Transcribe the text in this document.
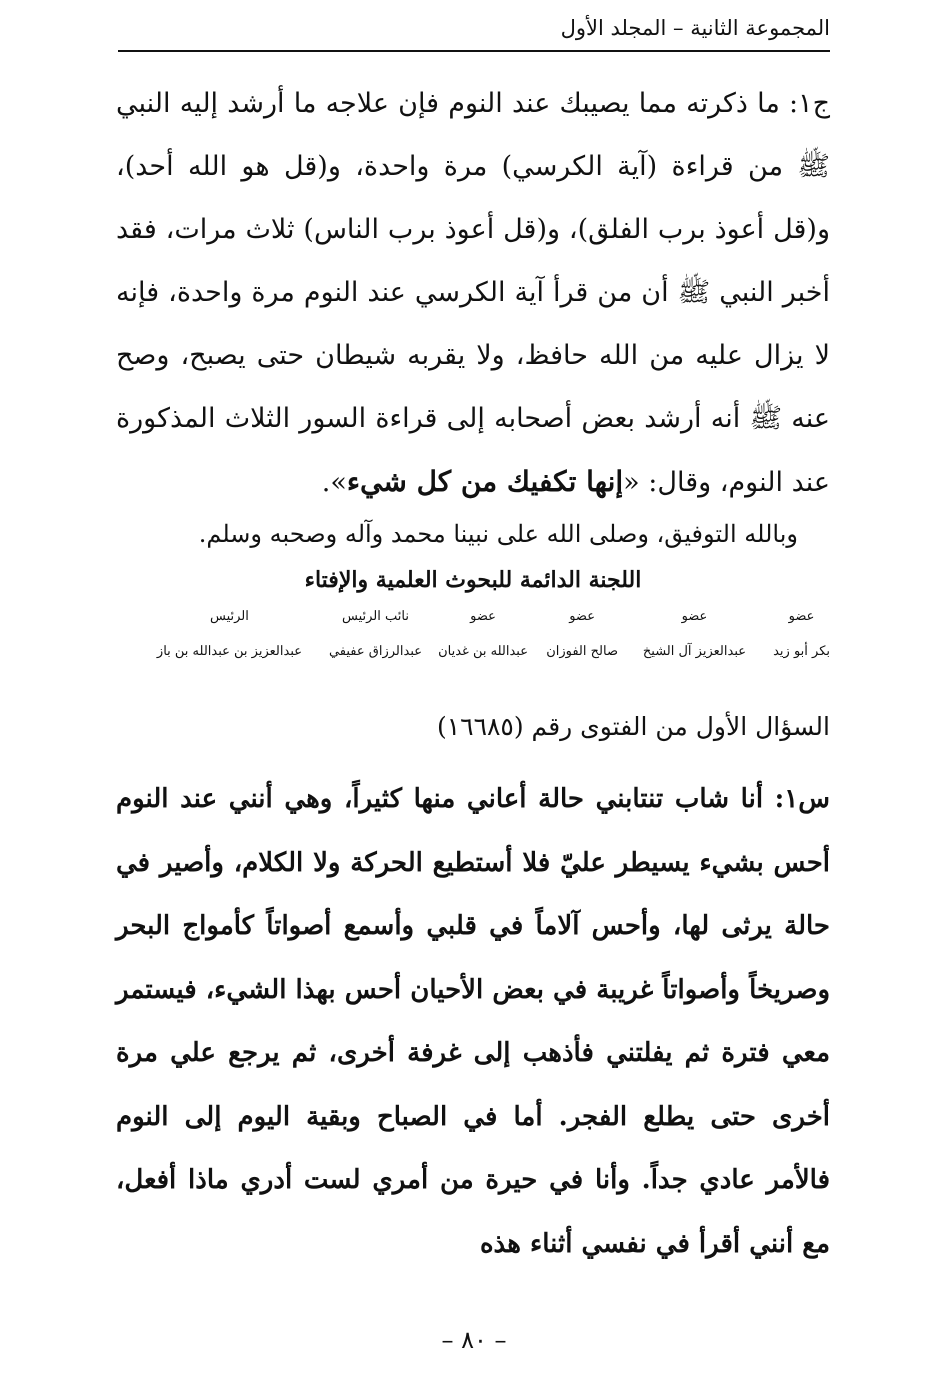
المجموعة الثانية – المجلد الأول

ج١: ما ذكرته مما يصيبك عند النوم فإن علاجه ما أرشد إليه النبي ﷺ من قراءة (آية الكرسي) مرة واحدة، و(قل هو الله أحد)، و(قل أعوذ برب الفلق)، و(قل أعوذ برب الناس) ثلاث مرات، فقد أخبر النبي ﷺ أن من قرأ آية الكرسي عند النوم مرة واحدة، فإنه لا يزال عليه من الله حافظ، ولا يقربه شيطان حتى يصبح، وصح عنه ﷺ أنه أرشد بعض أصحابه إلى قراءة السور الثلاث المذكورة عند النوم، وقال: «إنها تكفيك من كل شيء».

وبالله التوفيق، وصلى الله على نبينا محمد وآله وصحبه وسلم.

اللجنة الدائمة للبحوث العلمية والإفتاء

عضو
بكر أبو زيد
عضو
عبدالعزيز آل الشيخ
عضو
صالح الفوزان
عضو
عبدالله بن غديان
نائب الرئيس
عبدالرزاق عفيفي
الرئيس
عبدالعزيز بن عبدالله بن باز

السؤال الأول من الفتوى رقم (١٦٦٨٥)

س١: أنا شاب تنتابني حالة أعاني منها كثيراً، وهي أنني عند النوم أحس بشيء يسيطر عليّ فلا أستطيع الحركة ولا الكلام، وأصير في حالة يرثى لها، وأحس آلاماً في قلبي وأسمع أصواتاً كأمواج البحر وصريخاً وأصواتاً غريبة في بعض الأحيان أحس بهذا الشيء، فيستمر معي فترة ثم يفلتني فأذهب إلى غرفة أخرى، ثم يرجع علي مرة أخرى حتى يطلع الفجر. أما في الصباح وبقية اليوم إلى النوم فالأمر عادي جداً. وأنا في حيرة من أمري لست أدري ماذا أفعل، مع أنني أقرأ في نفسي أثناء هذه

– ٨٠ –
